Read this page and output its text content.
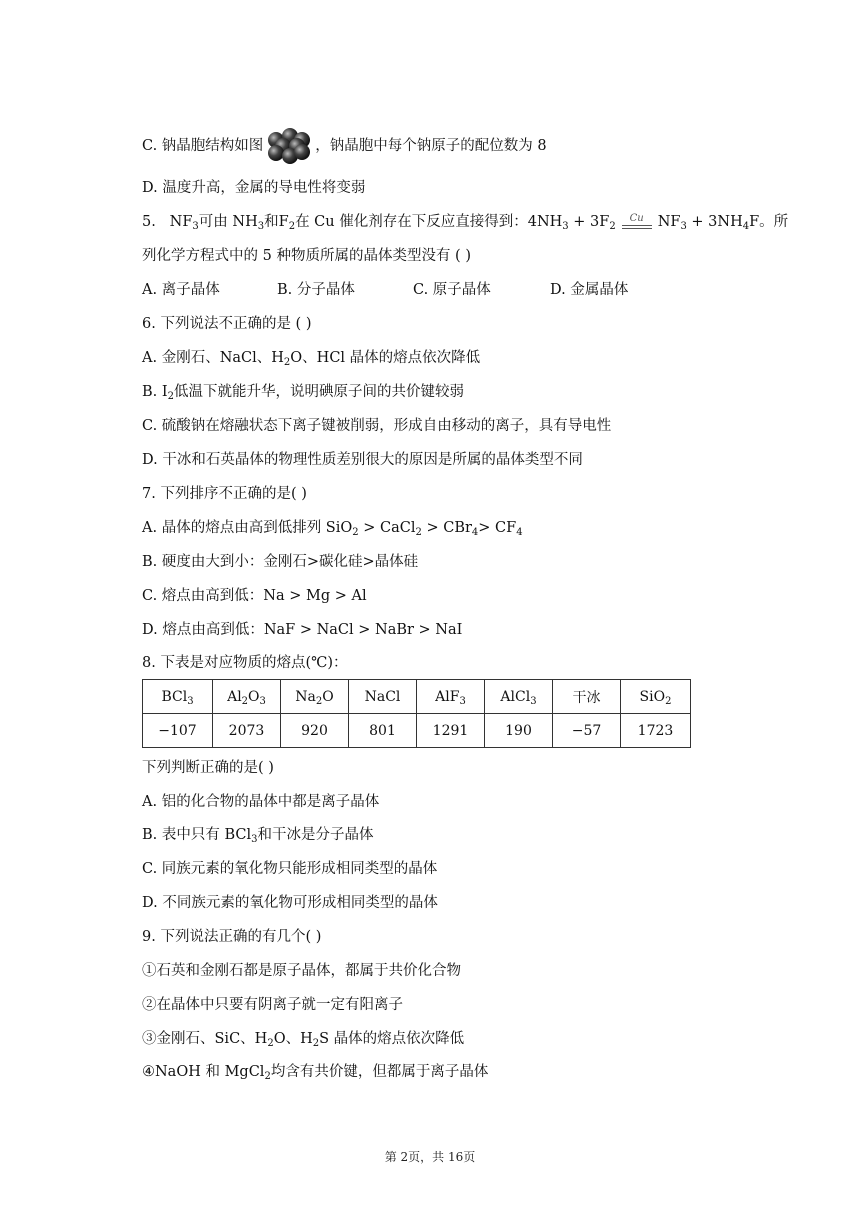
C. 钠晶胞结构如图	，钠晶胞中每个钠原子的配位数为 8
D. 温度升高，金属的导电性将变弱
5. $NF_3$可由 $NH_3$和$F_2$在 Cu 催化剂存在下反应直接得到：$4NH_3 + 3F_2$
Cu $NF_3 + 3NH_4F$。所
列化学方程式中的 5 种物质所属的晶体类型没有 ( )
A. 离子晶体	B. 分子晶体	C. 原子晶体	D. 金属晶体
6. 下列说法不正确的是 ( )
A. 金刚石、NaCl、$H_2O$、HCl 晶体的熔点依次降低
B. $I_2$低温下就能升华，说明碘原子间的共价键较弱
C. 硫酸钠在熔融状态下离子键被削弱，形成自由移动的离子，具有导电性
D. 干冰和石英晶体的物理性质差别很大的原因是所属的晶体类型不同
7. 下列排序不正确的是( )
A. 晶体的熔点由高到低排列 SiO$_2$ > CaCl$_2$ > $CBr_4> CF_4$
B. 硬度由大到小：金刚石>碳化硅>晶体硅
C. 熔点由高到低：Na > Mg > Al
D. 熔点由高到低：NaF > NaCl > NaBr > NaI
8. 下表是对应物质的熔点(℃)：
BCl$_3$	$Al_2O_3$	$Na_2O$	NaCl	AlF$_3$	AlCl$_3$	干冰	SiO$_2$
−107	2073	920	801	1291	190	−57	1723
下列判断正确的是( )
A. 铝的化合物的晶体中都是离子晶体
B. 表中只有 BCl$_3$和干冰是分子晶体
C. 同族元素的氧化物只能形成相同类型的晶体
D. 不同族元素的氧化物可形成相同类型的晶体
9. 下列说法正确的有几个( )
①石英和金刚石都是原子晶体，都属于共价化合物
②在晶体中只要有阴离子就一定有阳离子
③金刚石、SiC、$H_2O$、$H_2S$ 晶体的熔点依次降低
④NaOH 和 MgCl$_2$均含有共价键，但都属于离子晶体
第 2页，共 16页
